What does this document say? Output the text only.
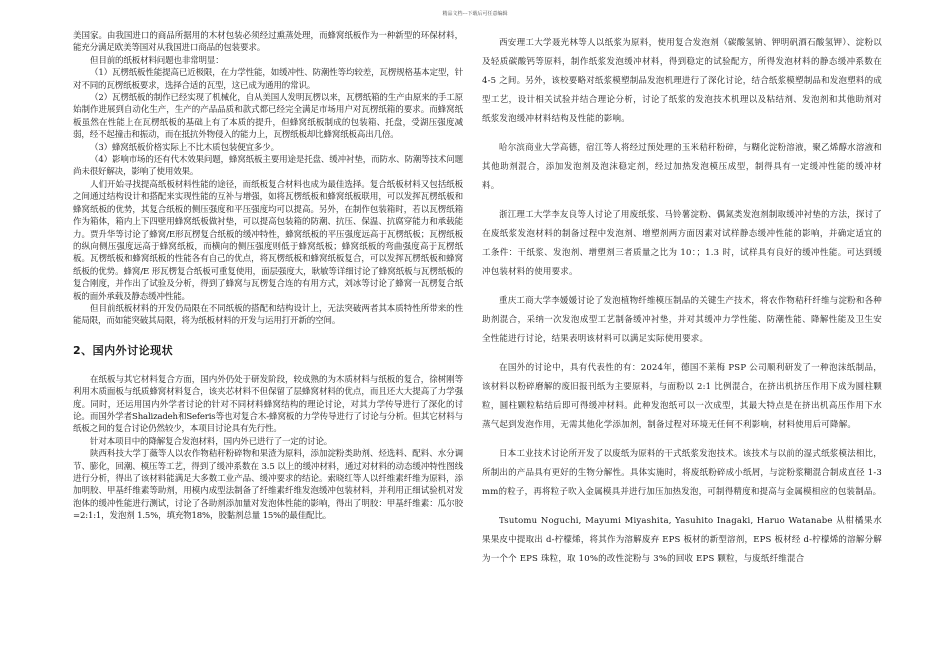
精品文档---下载后可任意编辑

美国家。由我国进口的商品所据用的木材包装必须经过熏蒸处理，而蜂窝纸板作为一种新型的环保材料，能充分满足欧美等国对从我国进口商品的包装要求。

但目前的纸板材料问题也非常明显：

（1）瓦楞纸板性能提高已近极限，在力学性能，如缓冲性、防潮性等均较差，瓦楞规格基本定型，针对不同的瓦楞纸板要求，选择合适的瓦型，这已成为通用的常识。

（2）瓦楞纸板的制作已经实现了机械化，自从美国人发明瓦楞以来，瓦楞纸箱的生产由原来的手工原始制作进展到自动化生产，生产的产品品质和款式都已经完全满足市场用户对瓦楞纸箱的要求。而蜂窝纸板虽然在性能上在瓦楞纸板的基础上有了本质的提升，但蜂窝纸板制成的包装箱、托盘，受湖压强度减弱，经不起撞击和振动，而在抵抗外物侵入的能力上，瓦楞纸板却比蜂窝纸板高出几倍。

（3）蜂窝纸板价格实际上不比木质包装便宜多少。

（4）影响市场的还有代木效果问题，蜂窝纸板主要用途是托盘、缓冲衬垫，而防水、防潮等技术问题尚未很好解决，影响了使用效果。

人们开始寻找提高纸板材料性能的途径，而纸板复合材料也成为最佳选择。复合纸板材料又包括纸板之间通过结构设计和搭配来实现性能的互补与增强，如将瓦楞纸板和蜂窝纸板联用，可以发挥瓦楞纸板和蜂窝纸板的优势，其复合纸板的侧压强度和平压强度均可以提高。另外，在制作包装箱时，若以瓦楞纸箱作为箱体，箱内上下四壁用蜂窝纸板做衬垫，可以提高包装箱的防潮、抗压、保温、抗腐穿能力和承载能力。贾升华等讨论了蜂窝/E形瓦楞复合纸板的缓冲特性，蜂窝纸板的平压强度远高于瓦楞纸板；瓦楞纸板的纵向侧压强度远高于蜂窝纸板，而横向的侧压强度则低于蜂窝纸板；蜂窝纸板的弯曲强度高于瓦楞纸板。瓦楞纸板和蜂窝纸板的性能各有自己的优点，将瓦楞纸板和蜂窝纸板复合，可以发挥瓦楞纸板和蜂窝纸板的优势。蜂窝/E 形瓦楞复合纸板可重复使用，面层强度大，耿敏等详细讨论了蜂窝纸板与瓦楞纸板的复合刚度，并作出了试验及分析，得到了蜂窝与瓦楞复合连的有用方式，刘冰等讨论了蜂窝一瓦楞复合纸板的面外承载及静态缓冲性能。

但目前纸板材料的开发仍局限在不同纸板的搭配和结构设计上，无法突破两者其本质特性所带来的性能局限，而如能突破其局限，将为纸板材料的开发与运用打开新的空间。

2、国内外讨论现状

在纸板与其它材料复合方面，国内外仍处于研发阶段，较成熟的为木质材料与纸板的复合，徐树刚等利用木质面板与纸质蜂窝材料复合，该夹芯材料不但保留了层蜂窝材料的优点，而且还大大提高了力学强度。同时，还运用国内外学者讨论的针对不同材料蜂窝结构的理论讨论，对其力学传导进行了深化的讨论。而国外学者Shalizadeh和Seferis等也对复合木-蜂窝板的力学传导进行了讨论与分析。但其它材料与纸板之间的复合讨论仍然较少，本项目讨论具有先行性。

针对本项目中的降解复合发泡材料，国内外已进行了一定的讨论。

陕西科技大学丁薇等人以农作物秸秆粉碎物和果渣为原料，添加淀粉类助剂、烃选料、配料、水分调节、膨化，回潮、模压等工艺，得到了缓冲系数在 3.5 以上的缓冲材料，通过对材料的动态缓冲特性图线进行分析，得出了该材料能满足大多数工业产品、缓冲要求的结论。索晓红等人以纤维素纤维为原料，添加明胶、甲基纤维素等助剂，用模内成型法制备了纤维素纤维发泡缓冲包装材料，并利用正细试验机对发泡体的缓冲性能进行测试，讨论了各助剂添加量对发泡体性能的影响，得出了明胶：甲基纤维素：瓜尔胶=2:1:1，发泡剂 1.5%，填充物18%，胶黏剂总量 15%的最佳配比。

西安理工大学聂光林等人以纸浆为原料，使用复合发泡剂（碳酸氢钠、钾明矾酒石酸氢钾）、淀粉以及轻质碳酸钙等原料，制作纸浆发泡缓冲材料，得到稳定的试验配方，所得发泡材料的静态缓冲系数在 4-5 之间。另外，该校要略对纸浆模塑制品发泡机理进行了深化讨论，结合纸浆模塑制品和发泡塑料的成型工艺，设计相关试验并结合理论分析，讨论了纸浆的发泡技术机理以及粘结剂、发泡剂和其他助剂对纸浆发泡缓冲材料结构及性能的影响。

哈尔滨商业大学高德，宿江等人将经过预处理的玉米秸秆粉碎，与糊化淀粉溶液，聚乙烯醇水溶液和其他助剂混合，添加发泡剂及泡沫稳定剂，经过加热发泡模压成型，制得具有一定缓冲性能的缓冲材料。

浙江理工大学李友良等人讨论了用废纸浆、马铃薯淀粉、偶氮类发泡剂制取缓冲衬垫的方法，探讨了在废纸浆发泡材料的制备过程中发泡剂、增塑剂两方面因素对试样静态缓冲性能的影响，并确定适宜的工条件：干纸浆、发泡剂、增塑剂三者质量之比为 10：；1.3 时，试样具有良好的缓冲性能。可达到缓冲包装材料的使用要求。

重庆工商大学李媛媛讨论了发泡植物纤维模压制品的关键生产技术，将农作物秸秆纤维与淀粉和各种助剂混合，采纳一次发泡成型工艺制备缓冲衬垫，并对其缓冲力学性能、防潮性能、降解性能及卫生安全性能进行讨论，结果表明该材料可以满足实际使用要求。

在国外的讨论中，具有代表性的有：2024年，德国不莱梅 PSP 公司顺利研发了一种泡沫纸制品，该材料以粉碎磨解的废旧报刊纸为主要原料，与面粉以 2:1 比例混合，在挤出机挤压作用下成为圆柱颗粒，圆柱颗粒粘结后即可得缓冲材料。此种发泡纸可以一次成型，其最大特点是在挤出机高压作用下水蒸气起到发泡作用，无需其他化学添加剂，制备过程对环境无任何不利影响，材料使用后可降解。

日本工业技术讨论所开发了以废纸为原料的干式纸浆发泡技术。该技术与以前的湿式纸浆模法相比，所制出的产品具有更好的生物分解性。具体实施时，将废纸粉碎成小纸屑，与淀粉浆糊混合制成直径 1-3 mm的粒子，再将粒子吹入金属模具并进行加压加热发泡，可制得精度和提高与金属模相应的包装制品。

Tsutomu Noguchi, Mayumi Miyashita, Yasuhito Inagaki, Haruo Watanabe 从柑橘果水果果皮中提取出 d-柠檬烯，将其作为溶解废弃 EPS 板材的新型溶剂，EPS 板材经 d-柠檬烯的溶解分解为一个个 EPS 珠粒，取 10%的改性淀粉与 3%的回收 EPS 颗粒，与废纸纤维混合
